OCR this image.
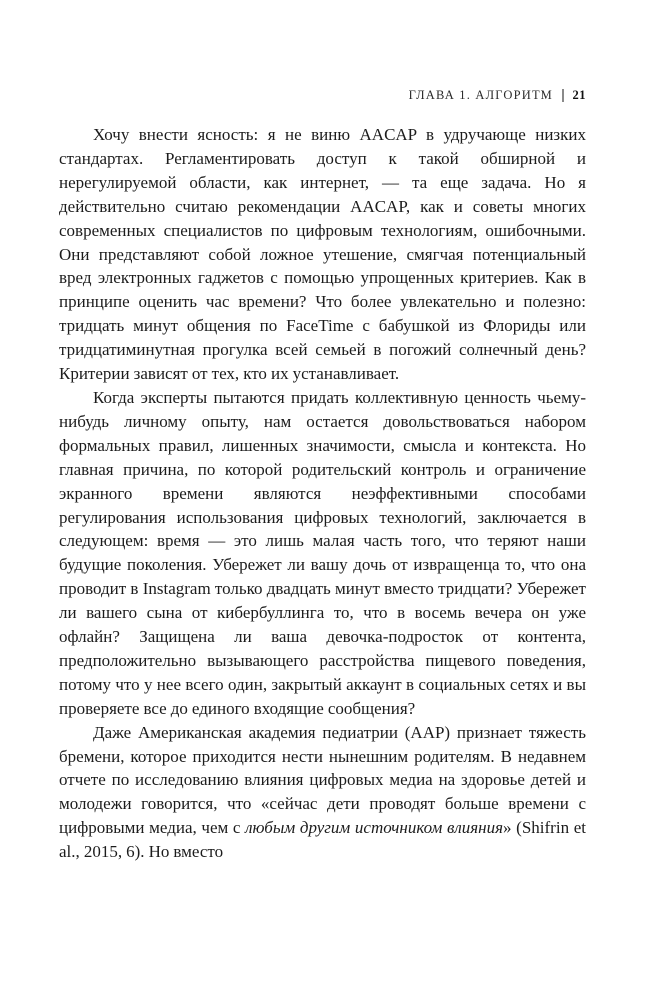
ГЛАВА 1. АЛГОРИТМ 21

Хочу внести ясность: я не виню AACAP в удручающе низких стандартах. Регламентировать доступ к такой обширной и нерегулируемой области, как интернет, — та еще задача. Но я действительно считаю рекомендации AACAP, как и советы многих современных специалистов по цифровым технологиям, ошибочными. Они представляют собой ложное утешение, смягчая потенциальный вред электронных гаджетов с помощью упрощенных критериев. Как в принципе оценить час времени? Что более увлекательно и полезно: тридцать минут общения по FaceTime с бабушкой из Флориды или тридцатиминутная прогулка всей семьей в погожий солнечный день? Критерии зависят от тех, кто их устанавливает.

Когда эксперты пытаются придать коллективную ценность чьему-нибудь личному опыту, нам остается довольствоваться набором формальных правил, лишенных значимости, смысла и контекста. Но главная причина, по которой родительский контроль и ограничение экранного времени являются неэффективными способами регулирования использования цифровых технологий, заключается в следующем: время — это лишь малая часть того, что теряют наши будущие поколения. Убережет ли вашу дочь от извращенца то, что она проводит в Instagram только двадцать минут вместо тридцати? Убережет ли вашего сына от кибербуллинга то, что в восемь вечера он уже офлайн? Защищена ли ваша девочка-подросток от контента, предположительно вызывающего расстройства пищевого поведения, потому что у нее всего один, закрытый аккаунт в социальных сетях и вы проверяете все до единого входящие сообщения?

Даже Американская академия педиатрии (AAP) признает тяжесть бремени, которое приходится нести нынешним родителям. В недавнем отчете по исследованию влияния цифровых медиа на здоровье детей и молодежи говорится, что «сейчас дети проводят больше времени с цифровыми медиа, чем с любым другим источником влияния» (Shifrin et al., 2015, 6). Но вместо
